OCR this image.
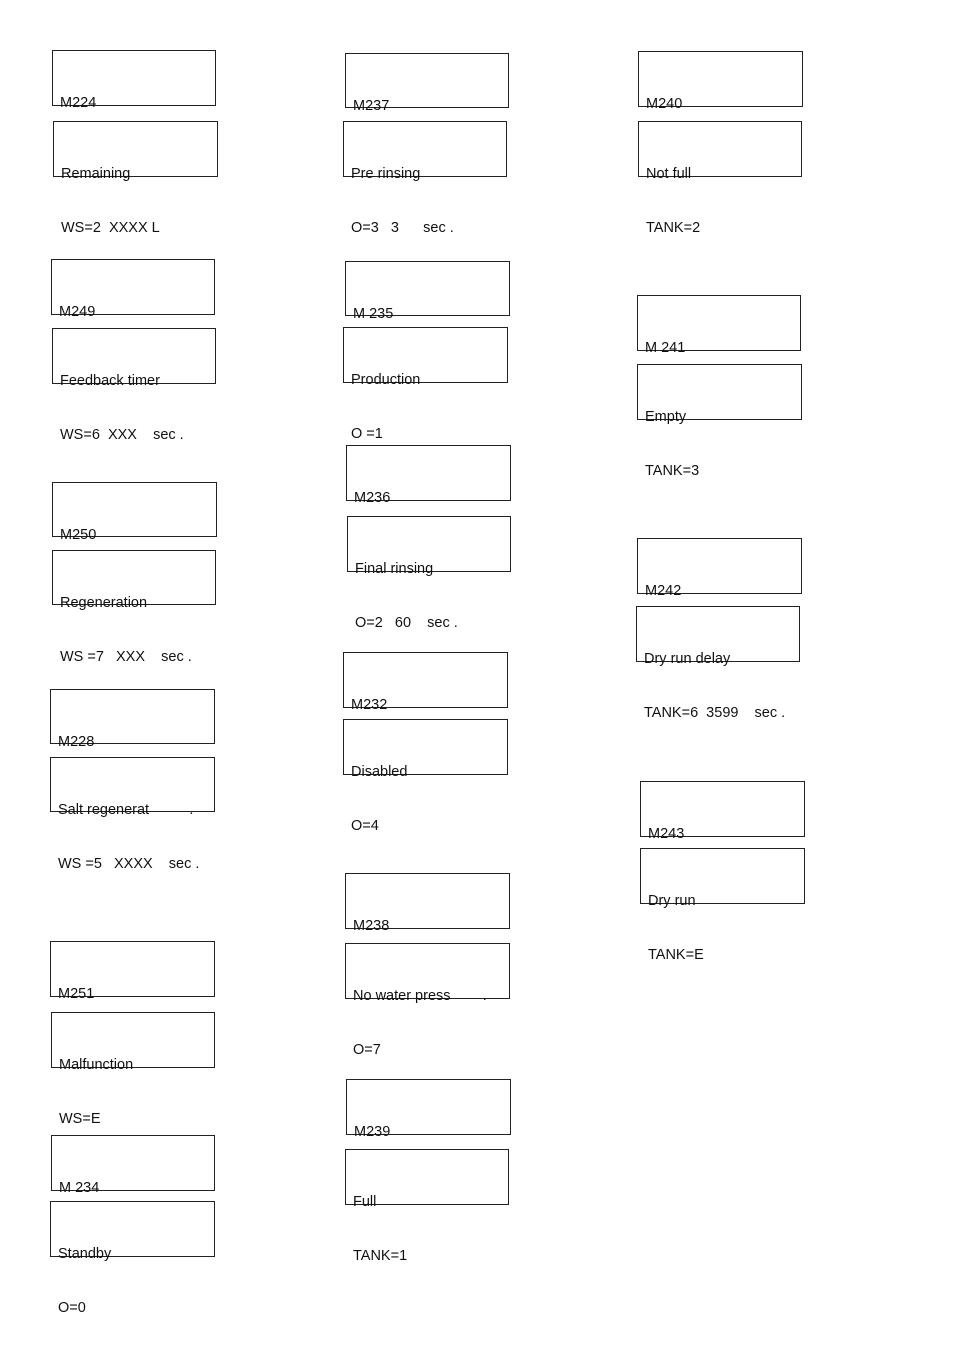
M224

Remaining

WS=2  XXXX L

M249

Feedback timer

WS=6  XXX    sec .

M250

Regeneration

WS =7   XXX    sec .

M228

Salt regenerat          .

WS =5   XXXX    sec .

M251

Malfunction

WS=E

M 234

Standby

O=0

M237

Pre rinsing

O=3   3      sec .

M 235

Production

O =1

M236

Final rinsing

O=2   60    sec .

M232

Disabled

O=4

M238

No water press        .

O=7

M239

Full

TANK=1

M240

Not full

TANK=2

M 241

Empty

TANK=3

M242

Dry run delay

TANK=6  3599    sec .

M243

Dry run

TANK=E
